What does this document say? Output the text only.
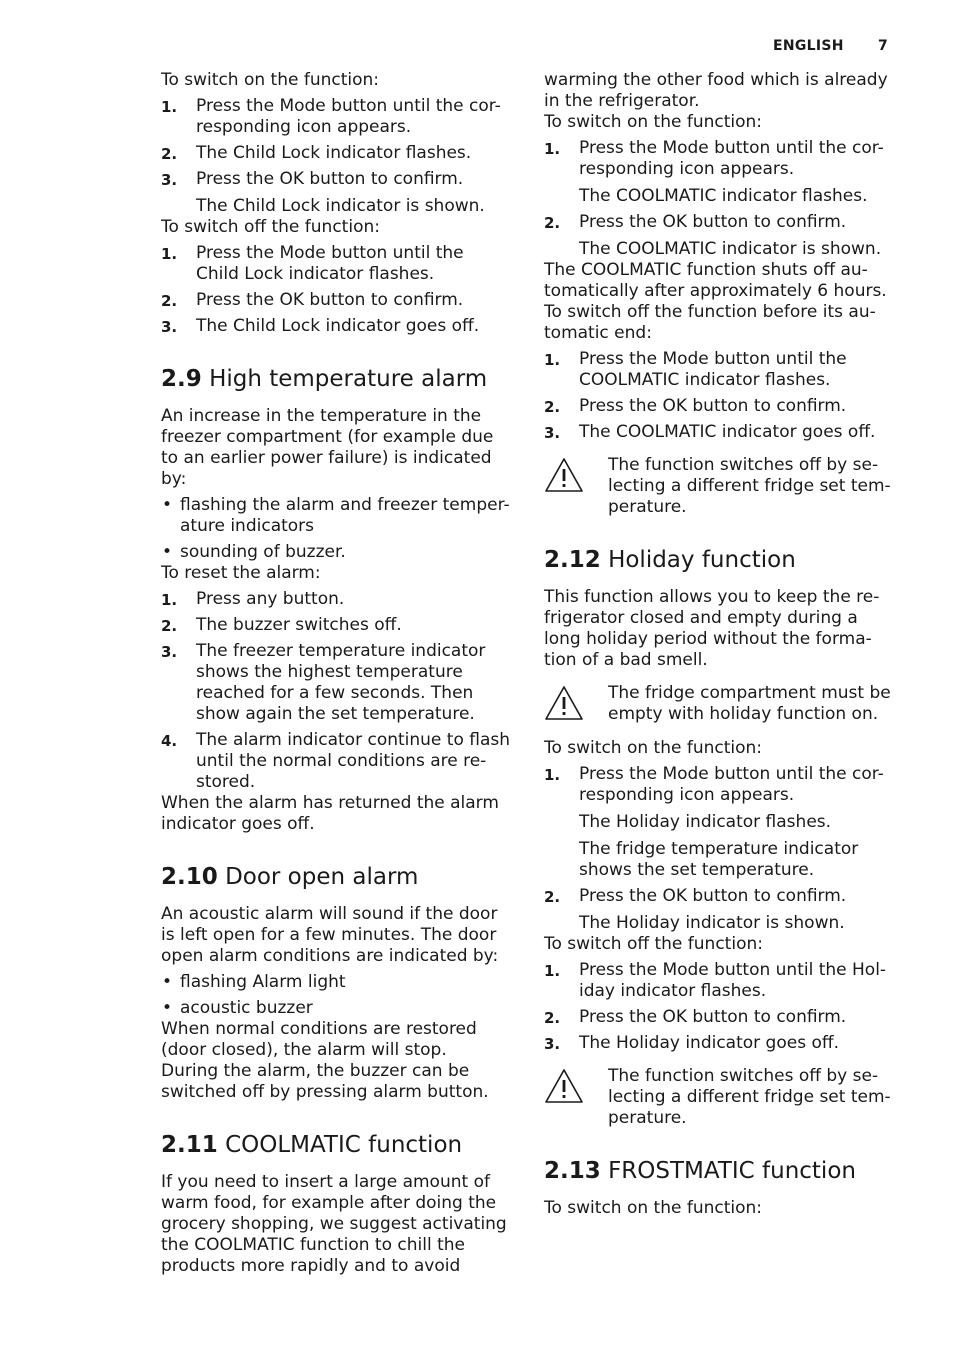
ENGLISH 7

To switch on the function:

1. Press the Mode button until the cor-responding icon appears.
2. The Child Lock indicator flashes.
3. Press the OK button to confirm.

The Child Lock indicator is shown.

To switch off the function:

1. Press the Mode button until the Child Lock indicator flashes.
2. Press the OK button to confirm.
3. The Child Lock indicator goes off.
2.9 High temperature alarm

An increase in the temperature in the freezer compartment (for example due to an earlier power failure) is indicated by:

• flashing the alarm and freezer temper-ature indicators
• sounding of buzzer.

To reset the alarm:

1. Press any button.
2. The buzzer switches off.
3. The freezer temperature indicator shows the highest temperature reached for a few seconds. Then show again the set temperature.
4. The alarm indicator continue to flash until the normal conditions are re-stored.

When the alarm has returned the alarm indicator goes off.

2.10 Door open alarm

An acoustic alarm will sound if the door is left open for a few minutes. The door open alarm conditions are indicated by:

• flashing Alarm light
• acoustic buzzer

When normal conditions are restored (door closed), the alarm will stop.

During the alarm, the buzzer can be switched off by pressing alarm button.

2.11 COOLMATIC function

If you need to insert a large amount of warm food, for example after doing the grocery shopping, we suggest activating the COOLMATIC function to chill the products more rapidly and to avoid

warming the other food which is already in the refrigerator.

To switch on the function:

1. Press the Mode button until the cor-responding icon appears.

The COOLMATIC indicator flashes.

2. Press the OK button to confirm.

The COOLMATIC indicator is shown.

The COOLMATIC function shuts off au-tomatically after approximately 6 hours.

To switch off the function before its au-tomatic end:

1. Press the Mode button until the COOLMATIC indicator flashes.
2. Press the OK button to confirm.
3. The COOLMATIC indicator goes off.

The function switches off by se-lecting a different fridge set tem-perature.

2.12 Holiday function

This function allows you to keep the re-frigerator closed and empty during a long holiday period without the forma-tion of a bad smell.

The fridge compartment must be empty with holiday function on.

To switch on the function:

1. Press the Mode button until the cor-responding icon appears.

The Holiday indicator flashes.

The fridge temperature indicator shows the set temperature.

2. Press the OK button to confirm.

The Holiday indicator is shown.

To switch off the function:

1. Press the Mode button until the Hol-iday indicator flashes.
2. Press the OK button to confirm.
3. The Holiday indicator goes off.

The function switches off by se-lecting a different fridge set tem-perature.

2.13 FROSTMATIC function

To switch on the function:
